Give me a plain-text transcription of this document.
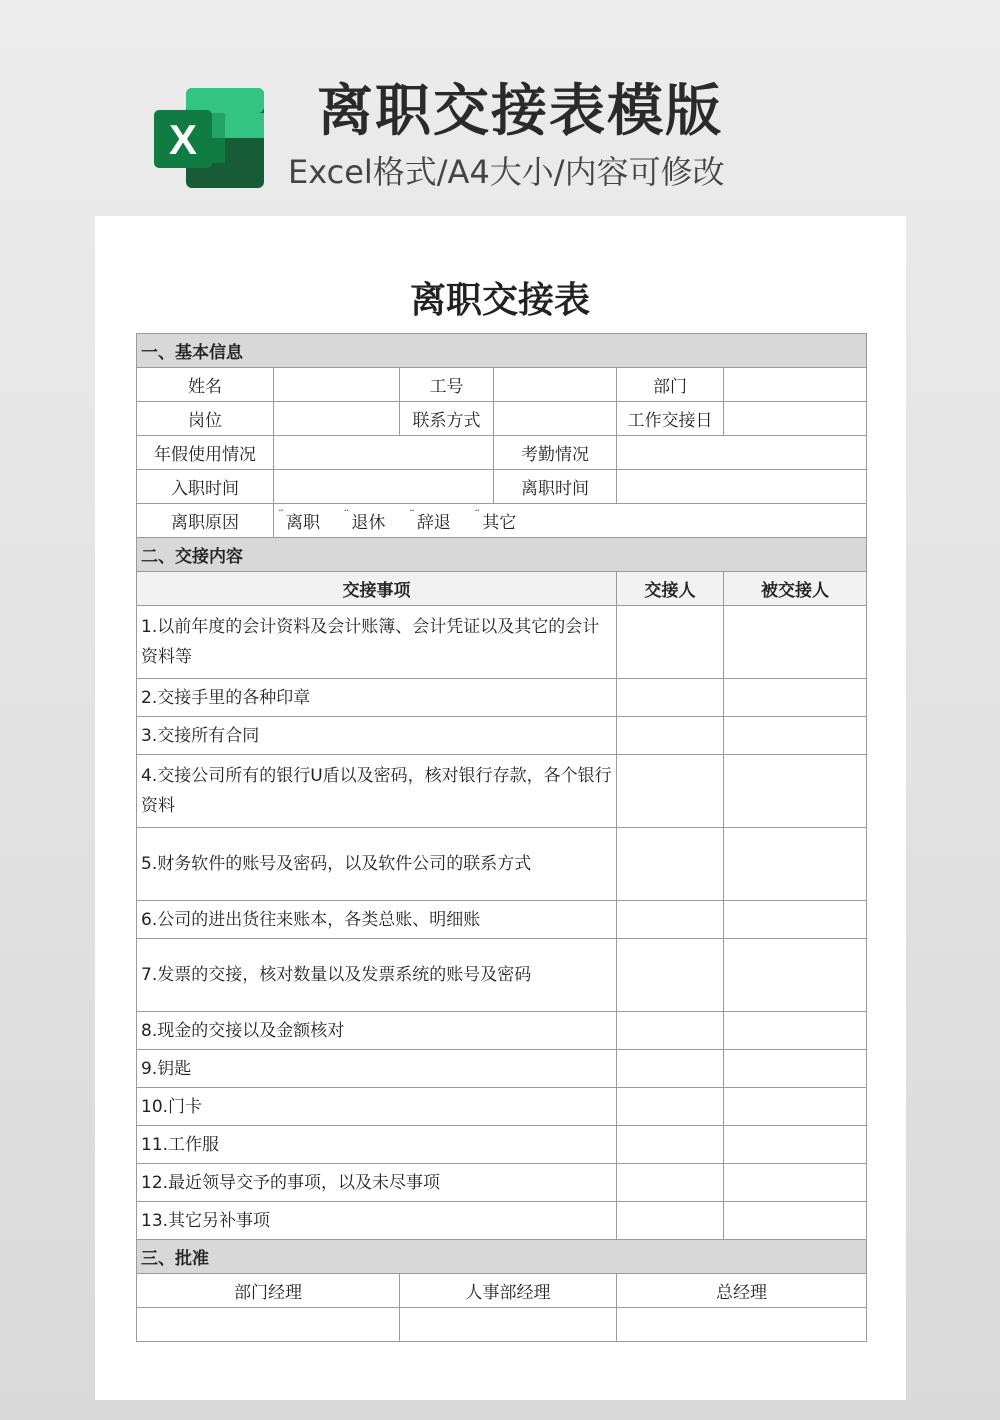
X 离职交接表模版
Excel格式/A4大小/内容可修改
离职交接表
一、基本信息					
姓名		工号		部门	
岗位		联系方式		工作交接日	
年假使用情况			考勤情况		
入职时间			离职时间		
离职原因	¨ 离职 ¨ 退休 ¨ 辞退 ¨ 其它				
二、交接内容					
交接事项				交接人	被交接人
1.以前年度的会计资料及会计账簿、会计凭证以及其它的会计资料等					
2.交接手里的各种印章					
3.交接所有合同					
4.交接公司所有的银行U盾以及密码，核对银行存款，各个银行资料					
5.财务软件的账号及密码，以及软件公司的联系方式					
6.公司的进出货往来账本，各类总账、明细账					
7.发票的交接，核对数量以及发票系统的账号及密码					
8.现金的交接以及金额核对					
9.钥匙					
10.门卡					
11.工作服					
12.最近领导交予的事项，以及未尽事项					
13.其它另补事项					
三、批准					
部门经理		人事部经理		总经理	
